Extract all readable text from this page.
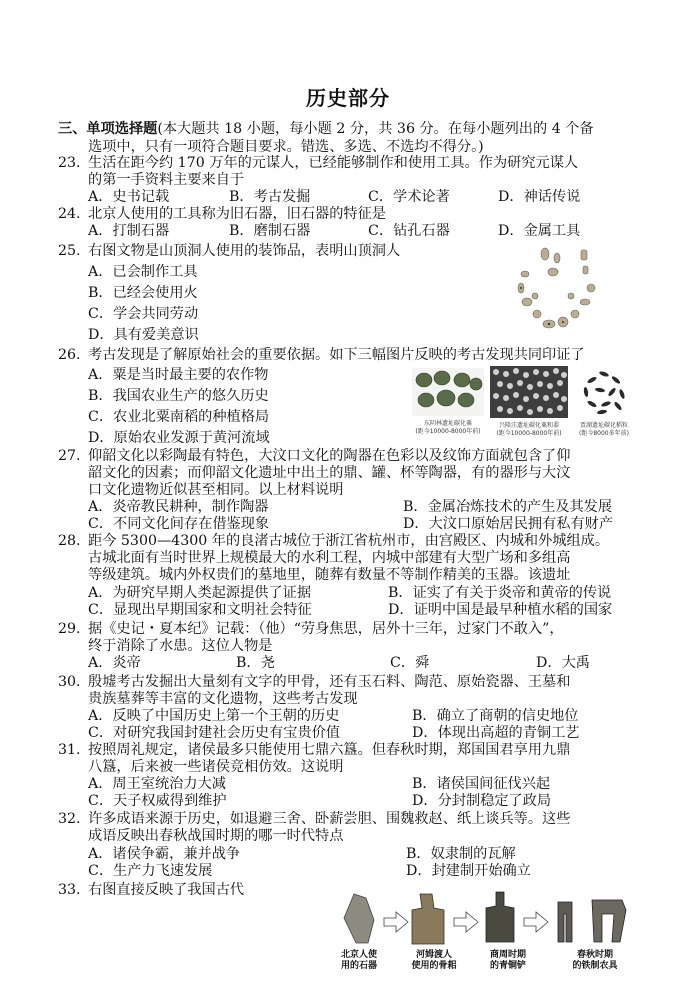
历史部分
三、单项选择题(本大题共 18 小题，每小题 2 分，共 36 分。在每小题列出的 4 个备
选项中，只有一项符合题目要求。错选、多选、不选均不得分。)
23. 生活在距今约 170 万年的元谋人，已经能够制作和使用工具。作为研究元谋人
的第一手资料主要来自于
A．史书记载	B．考古发掘	C．学术论著	D．神话传说
24. 北京人使用的工具称为旧石器，旧石器的特征是
A．打制石器	B．磨制石器	C．钻孔石器	D．金属工具
25. 右图文物是山顶洞人使用的装饰品，表明山顶洞人
A．已会制作工具
B．已经会使用火
C．学会共同劳动
D．具有爱美意识
26. 考古发现是了解原始社会的重要依据。如下三幅图片反映的考古发现共同印证了
A．粟是当时最主要的农作物
B．我国农业生产的悠久历史
C．农业北粟南稻的种植格局
D．原始农业发源于黄河流域
东阴林遗址碳化粟
(距今10000-8000年前)
兴隆洼遗址碳化粟和黍
(距今10000-8000年前)
贾湖遗址碳化稻粒
(距今8000多年前)
27. 仰韶文化以彩陶最有特色，大汶口文化的陶器在色彩以及纹饰方面就包含了仰
韶文化的因素；而仰韶文化遗址中出土的鼎、罐、杯等陶器，有的器形与大汶
口文化遗物近似甚至相同。以上材料说明
A．炎帝教民耕种，制作陶器	B．金属冶炼技术的产生及其发展
C．不同文化间存在借鉴现象	D．大汶口原始居民拥有私有财产
28. 距今 5300—4300 年的良渚古城位于浙江省杭州市，由宫殿区、内城和外城组成。
古城北面有当时世界上规模最大的水利工程，内城中部建有大型广场和多组高
等级建筑。城内外权贵们的墓地里，随葬有数量不等制作精美的玉器。该遗址
A．为研究早期人类起源提供了证据	B．证实了有关于炎帝和黄帝的传说
C．显现出早期国家和文明社会特征	D．证明中国是最早种植水稻的国家
29. 据《史记・夏本纪》记载：（他）“劳身焦思，居外十三年，过家门不敢入”，
终于消除了水患。这位人物是
A．炎帝	B．尧	C．舜	D．大禹
30. 殷墟考古发掘出大量刻有文字的甲骨，还有玉石料、陶范、原始瓷器、王墓和
贵族墓葬等丰富的文化遗物，这些考古发现
A．反映了中国历史上第一个王朝的历史	B．确立了商朝的信史地位
C．对研究我国封建社会历史有宝贵价值	D．体现出高超的青铜工艺
31. 按照周礼规定，诸侯最多只能使用七鼎六簋。但春秋时期，郑国国君享用九鼎
八簋，后来被一些诸侯竞相仿效。这说明
A．周王室统治力大减	B．诸侯国间征伐兴起
C．天子权威得到维护	D．分封制稳定了政局
32. 许多成语来源于历史，如退避三舍、卧薪尝胆、围魏救赵、纸上谈兵等。这些
成语反映出春秋战国时期的哪一时代特点
A．诸侯争霸，兼并战争	B．奴隶制的瓦解
C．生产力飞速发展	D．封建制开始确立
33. 右图直接反映了我国古代
北京人使
用的石器
河姆渡人
使用的骨耜
商周时期
的青铜铲
春秋时期
的铁制农具
